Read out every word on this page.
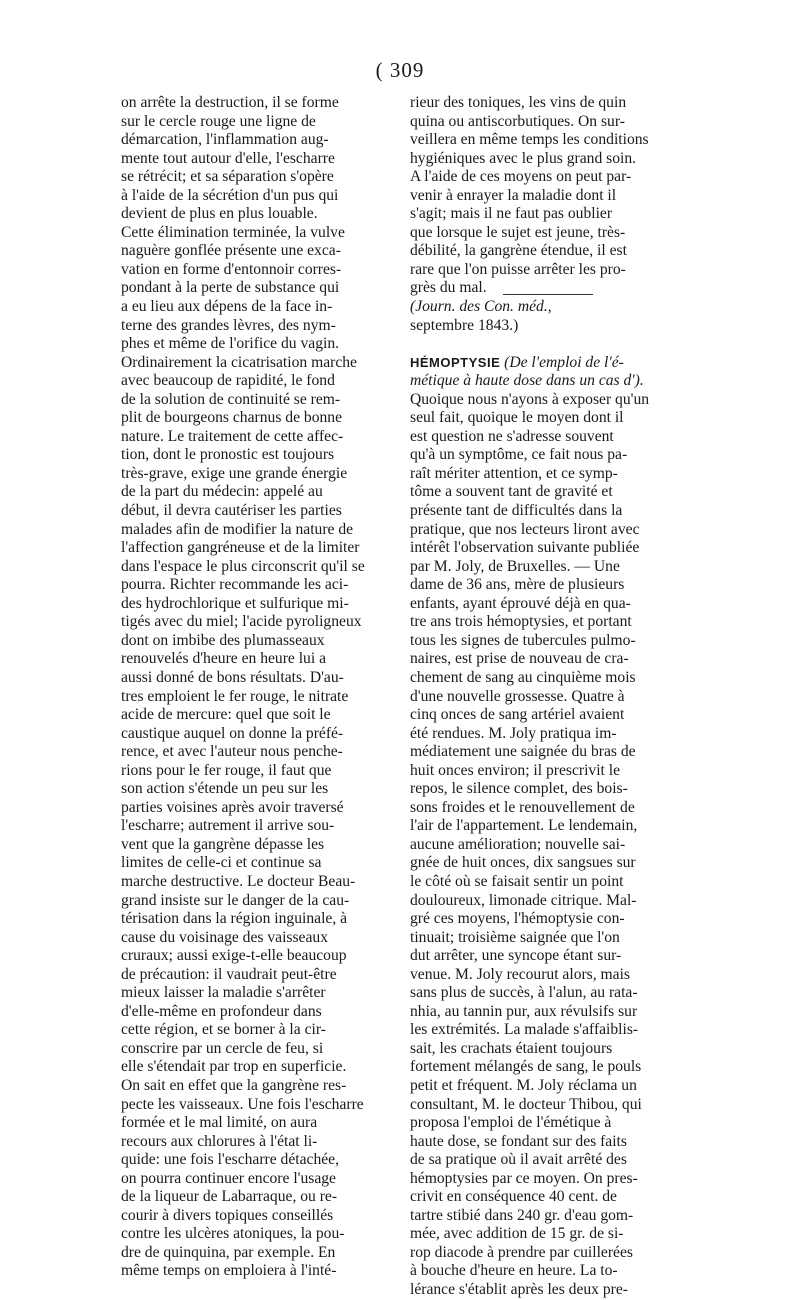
( 309
on arrête la destruction, il se forme
sur le cercle rouge une ligne de
démarcation, l'inflammation aug-
mente tout autour d'elle, l'escharre
se rétrécit; et sa séparation s'opère
à l'aide de la sécrétion d'un pus qui
devient de plus en plus louable.
Cette élimination terminée, la vulve
naguère gonflée présente une exca-
vation en forme d'entonnoir corres-
pondant à la perte de substance qui
a eu lieu aux dépens de la face in-
terne des grandes lèvres, des nym-
phes et même de l'orifice du vagin.
Ordinairement la cicatrisation marche
avec beaucoup de rapidité, le fond
de la solution de continuité se rem-
plit de bourgeons charnus de bonne
nature. Le traitement de cette affec-
tion, dont le pronostic est toujours
très-grave, exige une grande énergie
de la part du médecin: appelé au
début, il devra cautériser les parties
malades afin de modifier la nature de
l'affection gangréneuse et de la limiter
dans l'espace le plus circonscrit qu'il se
pourra. Richter recommande les aci-
des hydrochlorique et sulfurique mi-
tigés avec du miel; l'acide pyroligneux
dont on imbibe des plumasseaux
renouvelés d'heure en heure lui a
aussi donné de bons résultats. D'au-
tres emploient le fer rouge, le nitrate
acide de mercure: quel que soit le
caustique auquel on donne la préfé-
rence, et avec l'auteur nous penche-
rions pour le fer rouge, il faut que
son action s'étende un peu sur les
parties voisines après avoir traversé
l'escharre; autrement il arrive sou-
vent que la gangrène dépasse les
limites de celle-ci et continue sa
marche destructive. Le docteur Beau-
grand insiste sur le danger de la cau-
térisation dans la région inguinale, à
cause du voisinage des vaisseaux
cruraux; aussi exige-t-elle beaucoup
de précaution: il vaudrait peut-être
mieux laisser la maladie s'arrêter
d'elle-même en profondeur dans
cette région, et se borner à la cir-
conscrire par un cercle de feu, si
elle s'étendait par trop en superficie.
On sait en effet que la gangrène res-
pecte les vaisseaux. Une fois l'escharre
formée et le mal limité, on aura
recours aux chlorures à l'état li-
quide: une fois l'escharre détachée,
on pourra continuer encore l'usage
de la liqueur de Labarraque, ou re-
courir à divers topiques conseillés
contre les ulcères atoniques, la pou-
dre de quinquina, par exemple. En
même temps on emploiera à l'inté-
rieur des toniques, les vins de quin
quina ou antiscorbutiques. On sur-
veillera en même temps les conditions
hygiéniques avec le plus grand soin.
A l'aide de ces moyens on peut par-
venir à enrayer la maladie dont il
s'agit; mais il ne faut pas oublier
que lorsque le sujet est jeune, très-
débilité, la gangrène étendue, il est
rare que l'on puisse arrêter les pro-
grès du mal.
(Journ. des Con. méd.,
septembre 1843.)
HÉMOPTYSIE (De l'emploi de l'é-
métique à haute dose dans un cas d').
Quoique nous n'ayons à exposer qu'un
seul fait, quoique le moyen dont il
est question ne s'adresse souvent
qu'à un symptôme, ce fait nous pa-
raît mériter attention, et ce symp-
tôme a souvent tant de gravité et
présente tant de difficultés dans la
pratique, que nos lecteurs liront avec
intérêt l'observation suivante publiée
par M. Joly, de Bruxelles. — Une
dame de 36 ans, mère de plusieurs
enfants, ayant éprouvé déjà en qua-
tre ans trois hémoptysies, et portant
tous les signes de tubercules pulmo-
naires, est prise de nouveau de cra-
chement de sang au cinquième mois
d'une nouvelle grossesse. Quatre à
cinq onces de sang artériel avaient
été rendues. M. Joly pratiqua im-
médiatement une saignée du bras de
huit onces environ; il prescrivit le
repos, le silence complet, des bois-
sons froides et le renouvellement de
l'air de l'appartement. Le lendemain,
aucune amélioration; nouvelle sai-
gnée de huit onces, dix sangsues sur
le côté où se faisait sentir un point
douloureux, limonade citrique. Mal-
gré ces moyens, l'hémoptysie con-
tinuait; troisième saignée que l'on
dut arrêter, une syncope étant sur-
venue. M. Joly recourut alors, mais
sans plus de succès, à l'alun, au rata-
nhia, au tannin pur, aux révulsifs sur
les extrémités. La malade s'affaiblis-
sait, les crachats étaient toujours
fortement mélangés de sang, le pouls
petit et fréquent. M. Joly réclama un
consultant, M. le docteur Thibou, qui
proposa l'emploi de l'émétique à
haute dose, se fondant sur des faits
de sa pratique où il avait arrêté des
hémoptysies par ce moyen. On pres-
crivit en conséquence 40 cent. de
tartre stibié dans 240 gr. d'eau gom-
mée, avec addition de 15 gr. de si-
rop diacode à prendre par cuillerées
à bouche d'heure en heure. La to-
lérance s'établit après les deux pre-
